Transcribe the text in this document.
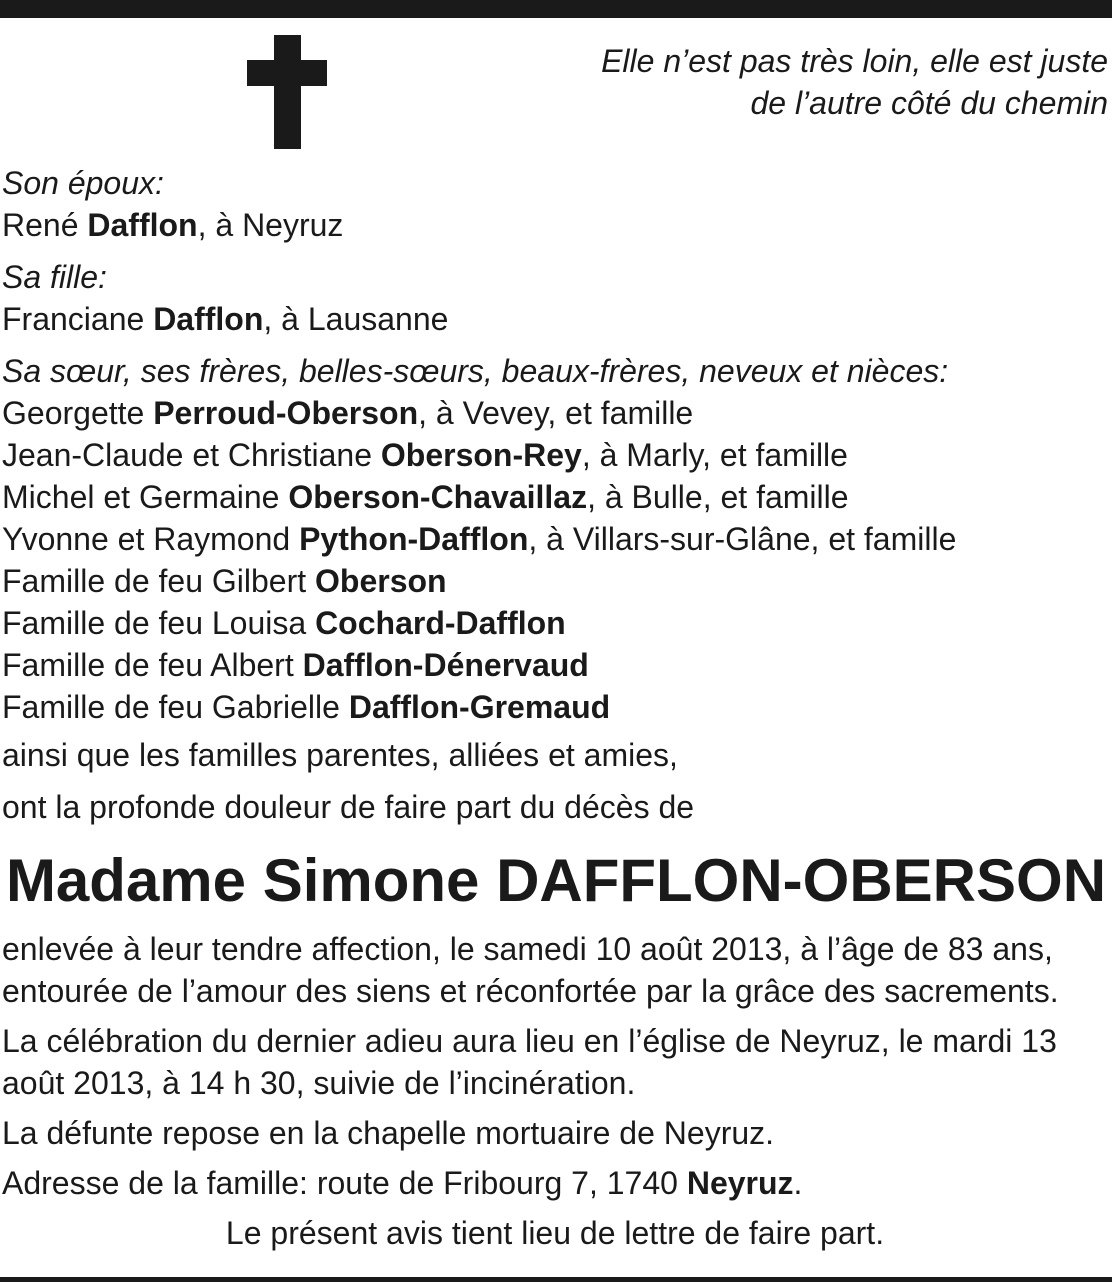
Elle n’est pas très loin, elle est juste
de l’autre côté du chemin
Son époux:
René Dafflon, à Neyruz
Sa fille:
Franciane Dafflon, à Lausanne
Sa sœur, ses frères, belles-sœurs, beaux-frères, neveux et nièces:
Georgette Perroud-Oberson, à Vevey, et famille
Jean-Claude et Christiane Oberson-Rey, à Marly, et famille
Michel et Germaine Oberson-Chavaillaz, à Bulle, et famille
Yvonne et Raymond Python-Dafflon, à Villars-sur-Glâne, et famille
Famille de feu Gilbert Oberson
Famille de feu Louisa Cochard-Dafflon
Famille de feu Albert Dafflon-Dénervaud
Famille de feu Gabrielle Dafflon-Gremaud
ainsi que les familles parentes, alliées et amies,
ont la profonde douleur de faire part du décès de
Madame Simone DAFFLON-OBERSON
enlevée à leur tendre affection, le samedi 10 août 2013, à l’âge de 83 ans, entourée de l’amour des siens et réconfortée par la grâce des sacrements.
La célébration du dernier adieu aura lieu en l’église de Neyruz, le mardi 13 août 2013, à 14 h 30, suivie de l’incinération.
La défunte repose en la chapelle mortuaire de Neyruz.
Adresse de la famille: route de Fribourg 7, 1740 Neyruz.
Le présent avis tient lieu de lettre de faire part.
